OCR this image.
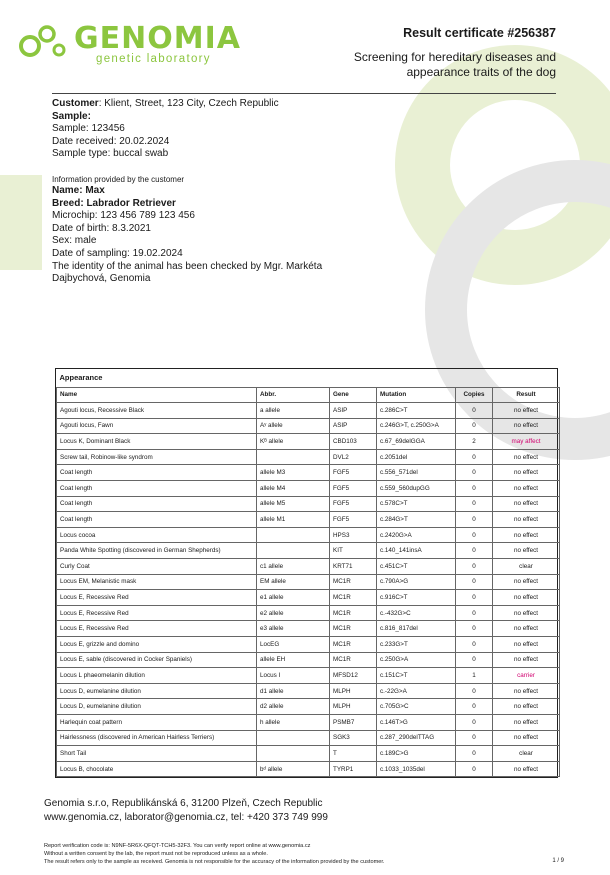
GENOMIA
genetic laboratory
Result certificate #256387
Screening for hereditary diseases and
appearance traits of the dog
Customer: Klient, Street, 123 City, Czech Republic
Sample:
Sample: 123456
Date received: 20.02.2024
Sample type: buccal swab
Information provided by the customer
Name: Max
Breed: Labrador Retriever
Microchip: 123 456 789 123 456
Date of birth: 8.3.2021
Sex: male
Date of sampling: 19.02.2024
The identity of the animal has been checked by Mgr. Markéta
Dajbychová, Genomia
Appearance					
Name	Abbr.	Gene	Mutation	Copies	Result
Agouti locus, Recessive Black	a allele	ASIP	c.286C>T	0	no effect
Agouti locus, Fawn	Aʸ allele	ASIP	c.246G>T, c.250G>A	0	no effect
Locus K, Dominant Black	Kᴮ allele	CBD103	c.67_69delGGA	2	may affect
Screw tail, Robinow-like syndrom		DVL2	c.2051del	0	no effect
Coat length	allele M3	FGF5	c.556_571del	0	no effect
Coat length	allele M4	FGF5	c.559_560dupGG	0	no effect
Coat length	allele M5	FGF5	c.578C>T	0	no effect
Coat length	allele M1	FGF5	c.284G>T	0	no effect
Locus cocoa		HPS3	c.2420G>A	0	no effect
Panda White Spotting (discovered in German Shepherds)		KIT	c.140_141insA	0	no effect
Curly Coat	c1 allele	KRT71	c.451C>T	0	clear
Locus EM, Melanistic mask	EM allele	MC1R	c.790A>G	0	no effect
Locus E, Recessive Red	e1 allele	MC1R	c.916C>T	0	no effect
Locus E, Recessive Red	e2 allele	MC1R	c.-432G>C	0	no effect
Locus E, Recessive Red	e3 allele	MC1R	c.816_817del	0	no effect
Locus E, grizzle and domino	LocEG	MC1R	c.233G>T	0	no effect
Locus E, sable (discovered in Cocker Spaniels)	allele EH	MC1R	c.250G>A	0	no effect
Locus L phaeomelanin dilution	Locus I	MFSD12	c.151C>T	1	carrier
Locus D, eumelanine dilution	d1 allele	MLPH	c.-22G>A	0	no effect
Locus D, eumelanine dilution	d2 allele	MLPH	c.705G>C	0	no effect
Harlequin coat pattern	h allele	PSMB7	c.146T>G	0	no effect
Hairlessness (discovered in American Hairless Terriers)		SGK3	c.287_290delTTAG	0	no effect
Short Tail		T	c.189C>G	0	clear
Locus B, chocolate	bᵈ allele	TYRP1	c.1033_1035del	0	no effect
Genomia s.r.o, Republikánská 6, 31200 Plzeň, Czech Republic
www.genomia.cz, laborator@genomia.cz, tel: +420 373 749 999
Report verification code is: N9NF-5R6X-QFQT-TCH5-32F3. You can verify report online at www.genomia.cz
Without a written consent by the lab, the report must not be reproduced unless as a whole.
The result refers only to the sample as received. Genomia is not responsible for the accuracy of the information provided by the customer.	1 / 9
